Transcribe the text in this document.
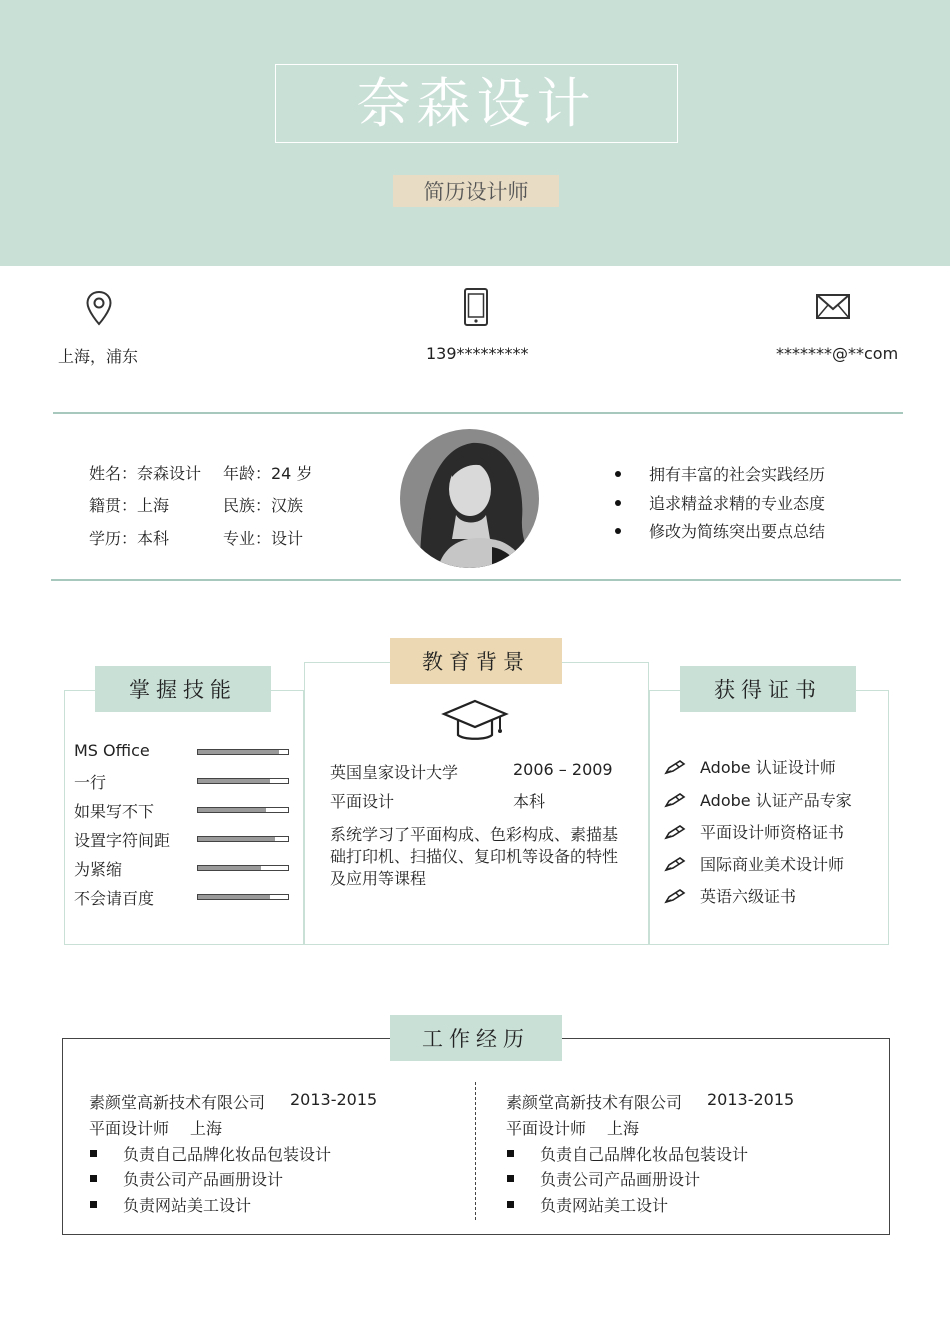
奈森设计
简历设计师
上海，浦东	139*********	*******@**com
姓名：奈森设计 年龄：24 岁
籍贯：上海	民族：汉族
学历：本科	专业：设计
拥有丰富的社会实践经历
追求精益求精的专业态度
修改为简练突出要点总结
掌握技能
MS Office
一行
如果写不下
设置字符间距
为紧缩
不会请百度
教育背景
英国皇家设计大学	2006 – 2009
平面设计	本科
系统学习了平面构成、色彩构成、素描基础打印机、扫描仪、复印机等设备的特性及应用等课程
获得证书
Adobe 认证设计师
Adobe 认证产品专家
平面设计师资格证书
国际商业美术设计师
英语六级证书
工作经历
素颜堂高新技术有限公司 2013-2015
平面设计师 上海
负责自己品牌化妆品包装设计
负责公司产品画册设计
负责网站美工设计
素颜堂高新技术有限公司 2013-2015
平面设计师 上海
负责自己品牌化妆品包装设计
负责公司产品画册设计
负责网站美工设计
